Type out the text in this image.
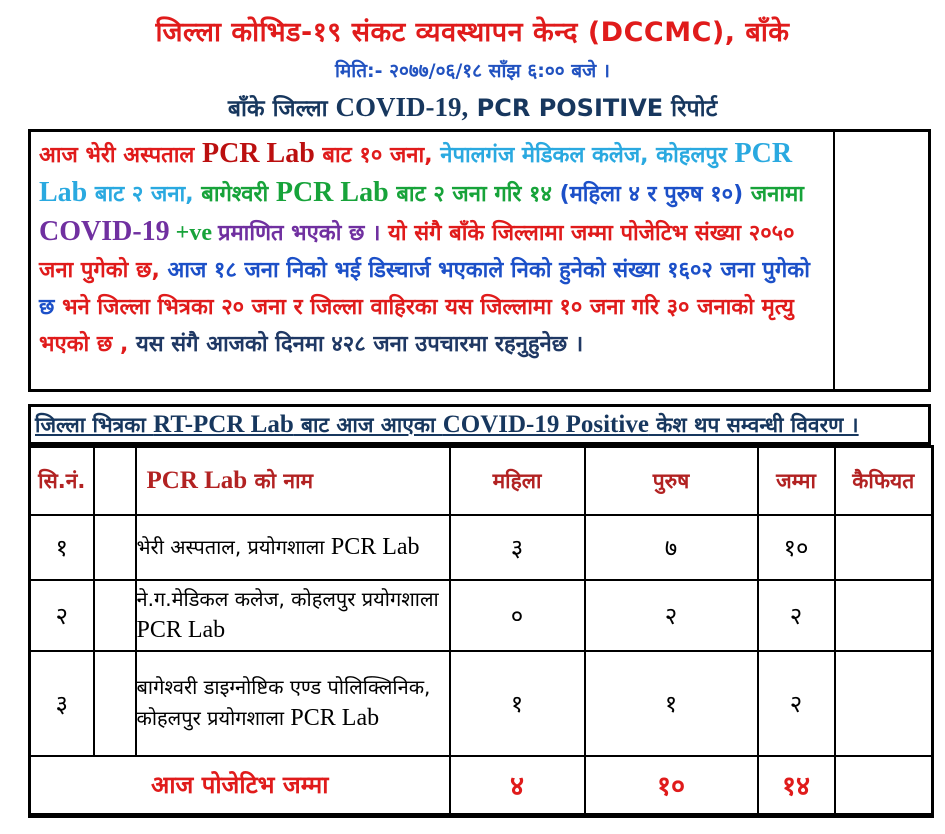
जिल्ला कोभिड-१९ संकट व्यवस्थापन केन्द (DCCMC), बाँके
मिति:- २०७७/०६/१८ साँझ ६:०० बजे ।
बाँके जिल्ला COVID-19, PCR POSITIVE रिपोर्ट
आज भेरी अस्पताल PCR Lab बाट १० जना, नेपालगंज मेडिकल कलेज, कोहलपुर PCR Lab बाट २ जना, बागेश्वरी PCR Lab बाट २ जना गरि १४ (महिला ४ र पुरुष १०) जनामा COVID-19 +ve प्रमाणित भएको छ । यो संगै बाँके जिल्लामा जम्मा पोजेटिभ संख्या २०५० जना पुगेको छ, आज १८ जना निको भई डिस्चार्ज भएकाले निको हुनेको संख्या १६०२ जना पुगेको छ भने जिल्ला भित्रका २० जना र जिल्ला वाहिरका यस जिल्लामा १० जना गरि ३० जनाको मृत्यु भएको छ , यस संगै आजको दिनमा ४२८ जना उपचारमा रहनुहुनेछ ।
जिल्ला भित्रका RT-PCR Lab बाट आज आएका COVID-19 Positive केश थप सम्वन्धी विवरण ।
सि.नं.		PCR Lab को नाम	महिला	पुरुष	जम्मा	कैफियत
१		भेरी अस्पताल, प्रयोगशाला PCR Lab	३	७	१०	
२		ने.ग.मेडिकल कलेज, कोहलपुर प्रयोगशाला PCR Lab	०	२	२	
३		बागेश्वरी डाइग्नोष्टिक एण्ड पोलिक्लिनिक, कोहलपुर प्रयोगशाला PCR Lab	१	१	२	
आज पोजेटिभ जम्मा			४	१०	१४	
